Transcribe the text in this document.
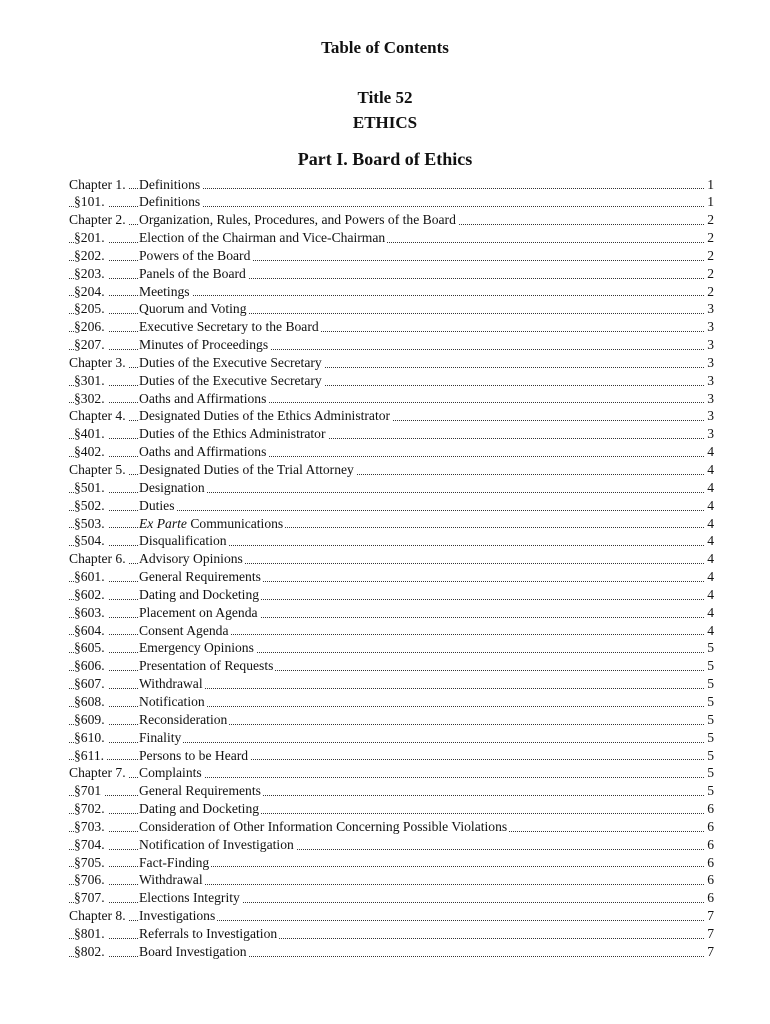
Table of Contents
Title 52
ETHICS
Part I. Board of Ethics
Chapter 1. Definitions	1
§101.	Definitions	1
Chapter 2. Organization, Rules, Procedures, and Powers of the Board	2
§201.	Election of the Chairman and Vice-Chairman	2
§202.	Powers of the Board	2
§203.	Panels of the Board	2
§204.	Meetings	2
§205.	Quorum and Voting	3
§206.	Executive Secretary to the Board	3
§207.	Minutes of Proceedings	3
Chapter 3. Duties of the Executive Secretary	3
§301.	Duties of the Executive Secretary	3
§302.	Oaths and Affirmations	3
Chapter 4. Designated Duties of the Ethics Administrator	3
§401.	Duties of the Ethics Administrator	3
§402.	Oaths and Affirmations	4
Chapter 5. Designated Duties of the Trial Attorney	4
§501.	Designation	4
§502.	Duties	4
§503.	Ex Parte Communications	4
§504.	Disqualification	4
Chapter 6. Advisory Opinions	4
§601.	General Requirements	4
§602.	Dating and Docketing	4
§603.	Placement on Agenda	4
§604.	Consent Agenda	4
§605.	Emergency Opinions	5
§606.	Presentation of Requests	5
§607.	Withdrawal	5
§608.	Notification	5
§609.	Reconsideration	5
§610.	Finality	5
§611.	Persons to be Heard	5
Chapter 7. Complaints	5
§701	General Requirements	5
§702.	Dating and Docketing	6
§703.	Consideration of Other Information Concerning Possible Violations	6
§704.	Notification of Investigation	6
§705.	Fact-Finding	6
§706.	Withdrawal	6
§707.	Elections Integrity	6
Chapter 8. Investigations	7
§801.	Referrals to Investigation	7
§802.	Board Investigation	7
